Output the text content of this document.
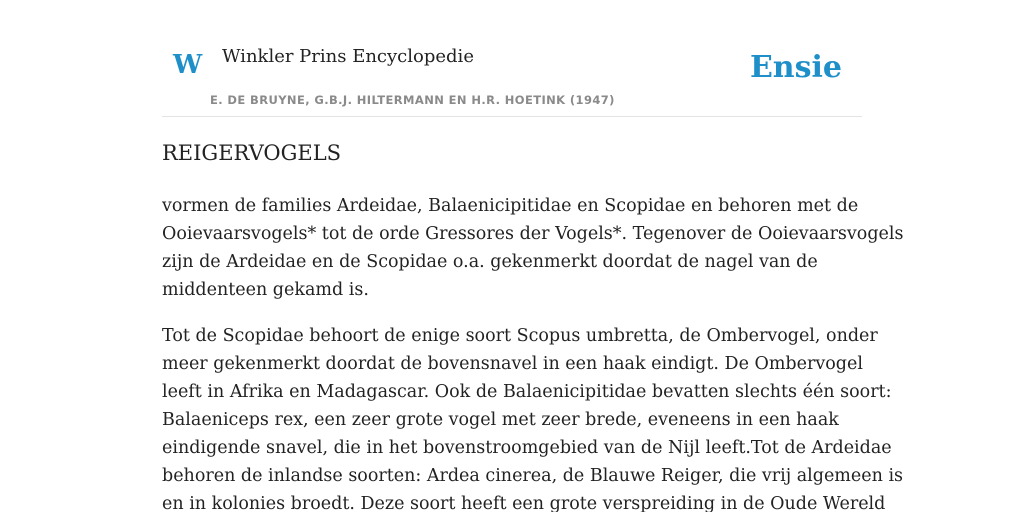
W Winkler Prins Encyclopedie
E. DE BRUYNE, G.B.J. HILTERMANN EN H.R. HOETINK (1947)
Ensie
REIGERVOGELS

vormen de families Ardeidae, Balaenicipitidae en Scopidae en behoren met de
Ooievaarsvogels* tot de orde Gressores der Vogels*. Tegenover de Ooievaarsvogels
zijn de Ardeidae en de Scopidae o.a. gekenmerkt doordat de nagel van de
middenteen gekamd is.

Tot de Scopidae behoort de enige soort Scopus umbretta, de Ombervogel, onder
meer gekenmerkt doordat de bovensnavel in een haak eindigt. De Ombervogel
leeft in Afrika en Madagascar. Ook de Balaenicipitidae bevatten slechts één soort:
Balaeniceps rex, een zeer grote vogel met zeer brede, eveneens in een haak
eindigende snavel, die in het bovenstroomgebied van de Nijl leeft.Tot de Ardeidae
behoren de inlandse soorten: Ardea cinerea, de Blauwe Reiger, die vrij algemeen is
en in kolonies broedt. Deze soort heeft een grote verspreiding in de Oude Wereld
